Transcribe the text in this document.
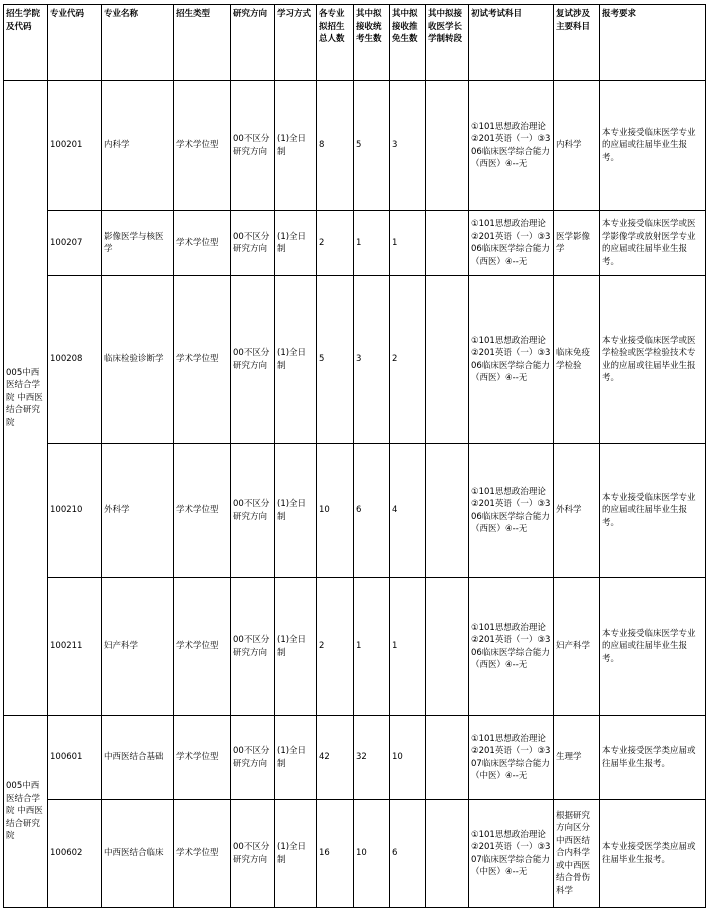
招生学院及代码	专业代码	专业名称	招生类型	研究方向	学习方式	各专业拟招生总人数	其中拟接收统考生数	其中拟接收推免生数	其中拟接收医学长学制转段	初试考试科目	复试涉及主要科目	报考要求
005中西医结合学院 中西医结合研究院	100201	内科学	学术学位型	00不区分研究方向	(1)全日制	8	5	3		①101思想政治理论②201英语（一）③306临床医学综合能力（西医）④--无	内科学	本专业接受临床医学专业的应届或往届毕业生报考。
	100207	影像医学与核医学	学术学位型	00不区分研究方向	(1)全日制	2	1	1		①101思想政治理论②201英语（一）③306临床医学综合能力（西医）④--无	医学影像学	本专业接受临床医学或医学影像学或放射医学专业的应届或往届毕业生报考。
	100208	临床检验诊断学	学术学位型	00不区分研究方向	(1)全日制	5	3	2		①101思想政治理论②201英语（一）③306临床医学综合能力（西医）④--无	临床免疫学检验	本专业接受临床医学或医学检验或医学检验技术专业的应届或往届毕业生报考。
	100210	外科学	学术学位型	00不区分研究方向	(1)全日制	10	6	4		①101思想政治理论②201英语（一）③306临床医学综合能力（西医）④--无	外科学	本专业接受临床医学专业的应届或往届毕业生报考。
	100211	妇产科学	学术学位型	00不区分研究方向	(1)全日制	2	1	1		①101思想政治理论②201英语（一）③306临床医学综合能力（西医）④--无	妇产科学	本专业接受临床医学专业的应届或往届毕业生报考。
005中西医结合学院 中西医结合研究院	100601	中西医结合基础	学术学位型	00不区分研究方向	(1)全日制	42	32	10		①101思想政治理论②201英语（一）③307临床医学综合能力（中医）④--无	生理学	本专业接受医学类应届或往届毕业生报考。
	100602	中西医结合临床	学术学位型	00不区分研究方向	(1)全日制	16	10	6		①101思想政治理论②201英语（一）③307临床医学综合能力（中医）④--无	根据研究方向区分中西医结合内科学或中西医结合骨伤科学	本专业接受医学类应届或往届毕业生报考。
